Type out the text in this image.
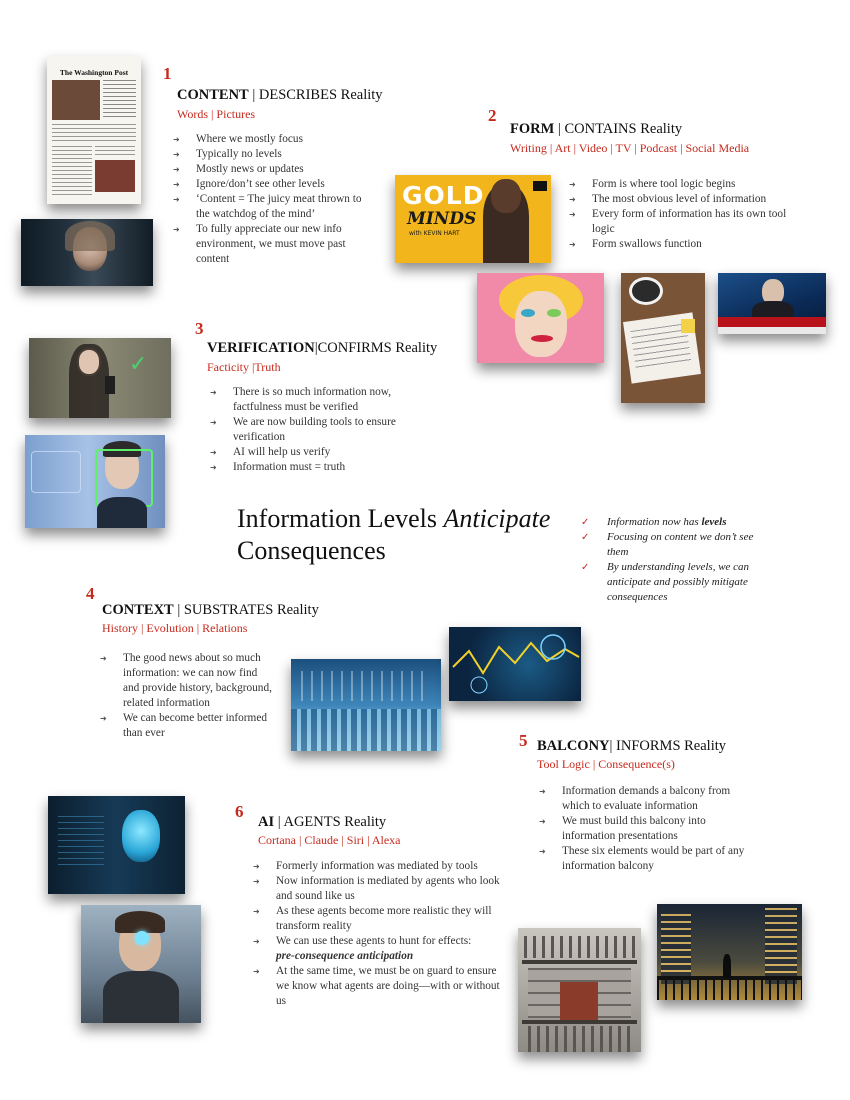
The Washington Post
GOLD
MINDS
with KEVIN HART
✓
1
CONTENT | DESCRIBES Reality
Words | Pictures
➜ Where we mostly focus
➜ Typically no levels
➜ Mostly news or updates
➜ Ignore/don’t see other levels
➜ ‘Content = The juicy meat thrown to the watchdog of the mind’
➜ To fully appreciate our new info environment, we must move past content
2
FORM | CONTAINS Reality
Writing | Art | Video | TV | Podcast | Social Media
➜ Form is where tool logic begins
➜ The most obvious level of information
➜ Every form of information has its own tool logic
➜ Form swallows function
3
VERIFICATION|CONFIRMS Reality
Facticity |Truth
➜ There is so much information now, factfulness must be verified
➜ We are now building tools to ensure verification
➜ AI will help us verify
➜ Information must = truth
Information Levels Anticipate
Consequences
✓ Information now has levels
✓ Focusing on content we don’t see them
✓ By understanding levels, we can anticipate and possibly mitigate consequences
4
CONTEXT | SUBSTRATES Reality
History | Evolution | Relations
➜ The good news about so much information: we can now find and provide history, background, related information
➜ We can become better informed than ever	5 BALCONY| INFORMS Reality
Tool Logic | Consequence(s)
➜ Information demands a balcony from which to evaluate information
➜ We must build this balcony into information presentations
➜ These six elements would be part of any information balcony
6
AI | AGENTS Reality
Cortana | Claude | Siri | Alexa
➜ Formerly information was mediated by tools
➜ Now information is mediated by agents who look and sound like us
➜ As these agents become more realistic they will transform reality
➜ We can use these agents to hunt for effects:
pre-consequence anticipation
➜ At the same time, we must be on guard to ensure we know what agents are doing—with or without us
